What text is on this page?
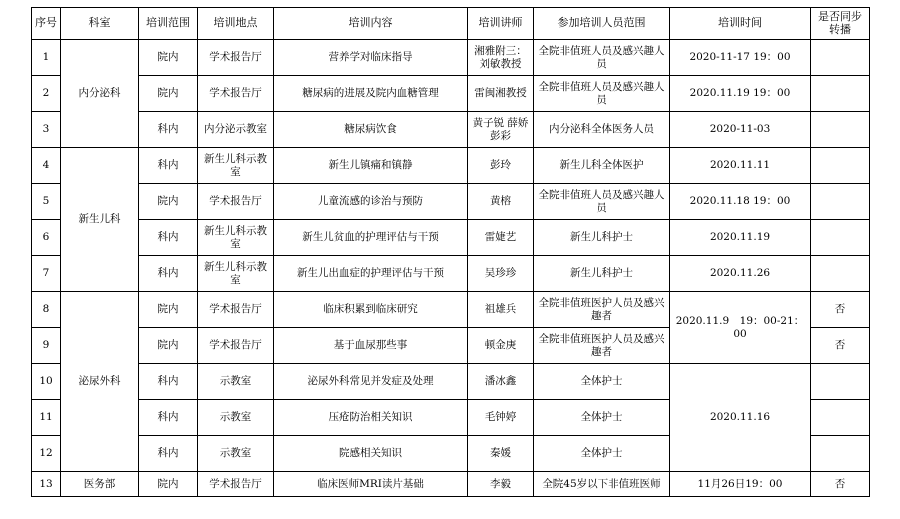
序号	科室	培训范围	培训地点	培训内容	培训讲师	参加培训人员范围	培训时间	是否同步转播
1	内分泌科	院内	学术报告厅	营养学对临床指导	湘雅附三：刘敏教授	全院非值班人员及感兴趣人员	2020-11-17 19：00	
2		院内	学术报告厅	糖尿病的进展及院内血糖管理	雷闽湘教授	全院非值班人员及感兴趣人员	2020.11.19 19：00	
3		科内	内分泌示教室	糖尿病饮食	黄子锐 薛娇彭彩	内分泌科全体医务人员	2020-11-03	
4	新生儿科	科内	新生儿科示教室	新生儿镇痛和镇静	彭玲	新生儿科全体医护	2020.11.11	
5		院内	学术报告厅	儿童流感的诊治与预防	黄榕	全院非值班人员及感兴趣人员	2020.11.18 19：00	
6		科内	新生儿科示教室	新生儿贫血的护理评估与干预	雷婕艺	新生儿科护士	2020.11.19	
7		科内	新生儿科示教室	新生儿出血症的护理评估与干预	吴珍珍	新生儿科护士	2020.11.26	
8	泌尿外科	院内	学术报告厅	临床积累到临床研究	祖雄兵	全院非值班医护人员及感兴趣者	2020.11.9　19：00-21：00	否
9		院内	学术报告厅	基于血尿那些事	顿金庚	全院非值班医护人员及感兴趣者		否
10		科内	示教室	泌尿外科常见并发症及处理	潘冰鑫	全体护士	2020.11.16	
11		科内	示教室	压疮防治相关知识	毛钟婷	全体护士		
12		科内	示教室	院感相关知识	秦媛	全体护士		
13	医务部	院内	学术报告厅	临床医师MRI读片基础	李毅	全院45岁以下非值班医师	11月26日19：00	否
